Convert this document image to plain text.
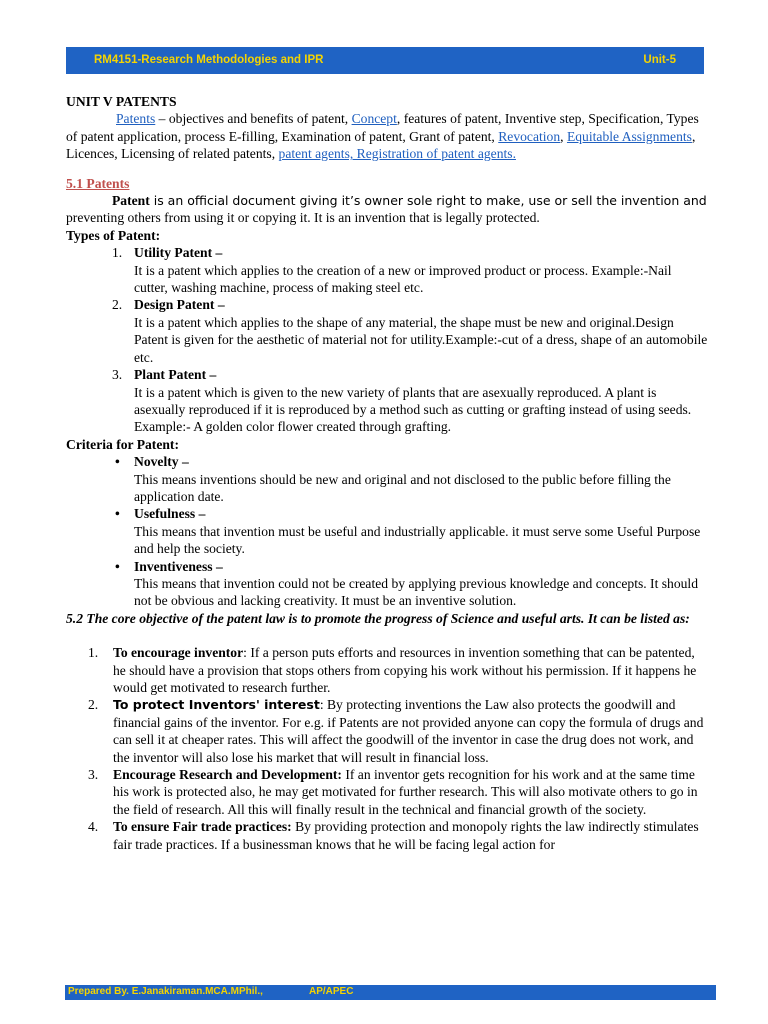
RM4151-Research Methodologies and IPR	Unit-5

UNIT V PATENTS

Patents – objectives and benefits of patent, Concept, features of patent, Inventive step, Specification, Types of patent application, process E-filling, Examination of patent, Grant of patent, Revocation, Equitable Assignments, Licences, Licensing of related patents, patent agents, Registration of patent agents.

5.1 Patents

Patent is an official document giving it’s owner sole right to make, use or sell the invention and

preventing others from using it or copying it. It is an invention that is legally protected.

Types of Patent:

1. Utility Patent –

It is a patent which applies to the creation of a new or improved product or process. Example:-Nail cutter, washing machine, process of making steel etc.

2. Design Patent –

It is a patent which applies to the shape of any material, the shape must be new and original.Design Patent is given for the aesthetic of material not for utility.Example:-cut of a dress, shape of an automobile etc.

3. Plant Patent –

It is a patent which is given to the new variety of plants that are asexually reproduced. A plant is asexually reproduced if it is reproduced by a method such as cutting or grafting instead of using seeds.

Example:- A golden color flower created through grafting.

Criteria for Patent:

• Novelty –

This means inventions should be new and original and not disclosed to the public before filling the application date.

• Usefulness –

This means that invention must be useful and industrially applicable. it must serve some Useful Purpose and help the society.

• Inventiveness –

This means that invention could not be created by applying previous knowledge and concepts. It should not be obvious and lacking creativity. It must be an inventive solution.

5.2 The core objective of the patent law is to promote the progress of Science and useful arts. It can be listed as:

1. To encourage inventor: If a person puts efforts and resources in invention something that can be patented, he should have a provision that stops others from copying his work without his permission. If it happens he would get motivated to research further.
2. To protect Inventors' interest: By protecting inventions the Law also protects the goodwill and financial gains of the inventor. For e.g. if Patents are not provided anyone can copy the formula of drugs and can sell it at cheaper rates. This will affect the goodwill of the inventor in case the drug does not work, and the inventor will also lose his market that will result in financial loss.
3. Encourage Research and Development: If an inventor gets recognition for his work and at the same time his work is protected also, he may get motivated for further research. This will also motivate others to go in the field of research. All this will finally result in the technical and financial growth of the society.
4. To ensure Fair trade practices: By providing protection and monopoly rights the law indirectly stimulates fair trade practices. If a businessman knows that he will be facing legal action for
Prepared By. E.Janakiraman.MCA.MPhil.,	AP/APEC
